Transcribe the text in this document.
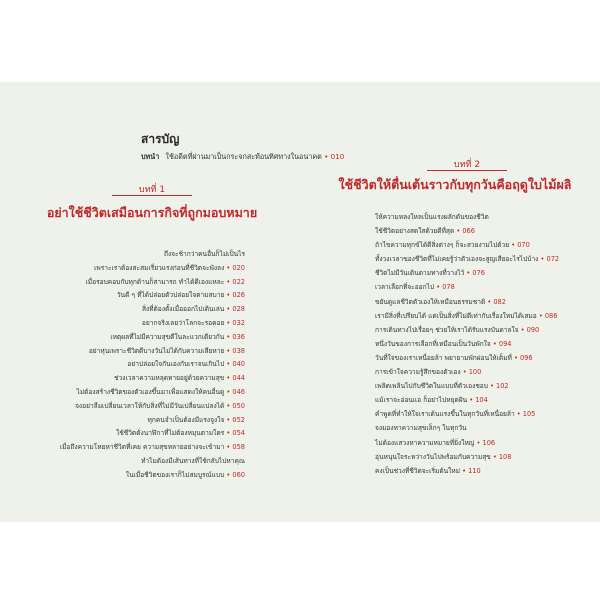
สารบัญ
บทนำ ใช้อดีตที่ผ่านมาเป็นกระจกสะท้อนทิศทางในอนาคต • 010
บทที่ 1
อย่าใช้ชีวิตเสมือนการกิจที่ถูกมอบหมาย
ถึงจะช้ากว่าคนอื่นก็ไม่เป็นไร
เพราะเราต้องสะสมเรี่ยวแรงก่อนที่ชีวิตจะพังลง • 020
เมื่อรอบคอบกับทุกด้านก็สามารถ ทำได้ดีเองแหละ • 022
วันดี ๆ ที่ได้ปล่อยตัวปล่อยใจตามสบาย • 026
สิ่งที่ต้องตั้งเมื่อออกไปเดินเล่น • 028
อยากจริงเลยว่าโลกจะรอคอย • 032
เหตุผลที่ไม่มีความสุขดีในละแวกเดียวกัน • 036
อย่าหุ่นเพราะชีวิตดีบางวันไม่ได้กับความเสียหาย • 038
อย่าปล่อยใจกันเองกับเราจนเกินไป • 040
ช่วงเวลาความหลุดหายอยู่ด้วยความสุข • 044
ไม่ต้องสร้างชีวิตของตัวเองขึ้นมาเพื่อแสดงให้คนอื่นดู • 046
จงอย่าลืมเปลี่ยนเวลาให้กับสิ่งที่ไม่มีวันเปลี่ยนแปลงได้ • 050
ทุกคนจำเป็นต้องมีแรงจูงใจ • 052
ใช้ชีวิตดั่งนาฬิกาที่ไม่ต้องหมุนตามใคร • 054
เมื่อถึงความโหยหาชีวิตที่เคย ความสุขหลายอย่างจะเข้ามา • 058
ทำไมต้องมีเส้นทางที่ใช้กลับไปหาคุณ
ในเมื่อชีวิตของเราก็ไม่สมบูรณ์แบบ • 060
บทที่ 2
ใช้ชีวิตให้ตื่นเต้นราวกับทุกวันคือฤดูใบไม้ผลิ
ให้ความหลงใหลเป็นแรงผลักดันของชีวิต
ใช้ชีวิตอย่างสดใสด้วยดีที่สุด • 066
ถ้าไขความทุกข์ได้ดีสิ่งต่างๆ ก็จะสวยงามไปด้วย • 070
ทั้งวงเวลาของชีวิตที่ไม่เคยรู้ว่าตัวเองจะสูญเสียอะไรไปบ้าง • 072
ชีวิตไม่มีวันเดินตามทางที่วางไว้ • 076
เวลาเลือกที่จะออกไป • 078
ขยันดูแลชีวิตตัวเองให้เหมือนธรรมชาติ • 082
เรามีสิ่งที่เปรียบได้ แต่เป็นสิ่งที่ไม่ดีเท่ากับเรื่องใหม่ได้เสมอ • 086
การเดินทางไปเรื่อยๆ ช่วยให้เราได้รับแรงบันดาลใจ • 090
หนึ่งวันของการเลือกที่เหมือนเป็นวันพักใจ • 094
วันที่ใจของเราเหนื่อยล้า พยายามพักผ่อนให้เต็มที่ • 096
การเข้าใจความรู้สึกของตัวเอง • 100
เพลิดเพลินไปกับชีวิตในแบบที่ตัวเองชอบ • 102
แม้เราจะอ่อนแอ ก็อย่าไปหยุดฝัน • 104
คำพูดที่ทำให้ใจเราเต้นแรงขึ้นในทุกวันที่เหนื่อยล้า • 105
จงมองหาความสุขเล็กๆ ในทุกวัน
ไม่ต้องแสวงหาความหมายที่ยิ่งใหญ่ • 106
อุ่นหนุนใจระหว่างวันไปพร้อมกับความสุข • 108
คงเป็นช่วงที่ชีวิตจะเริ่มต้นใหม่ • 110
